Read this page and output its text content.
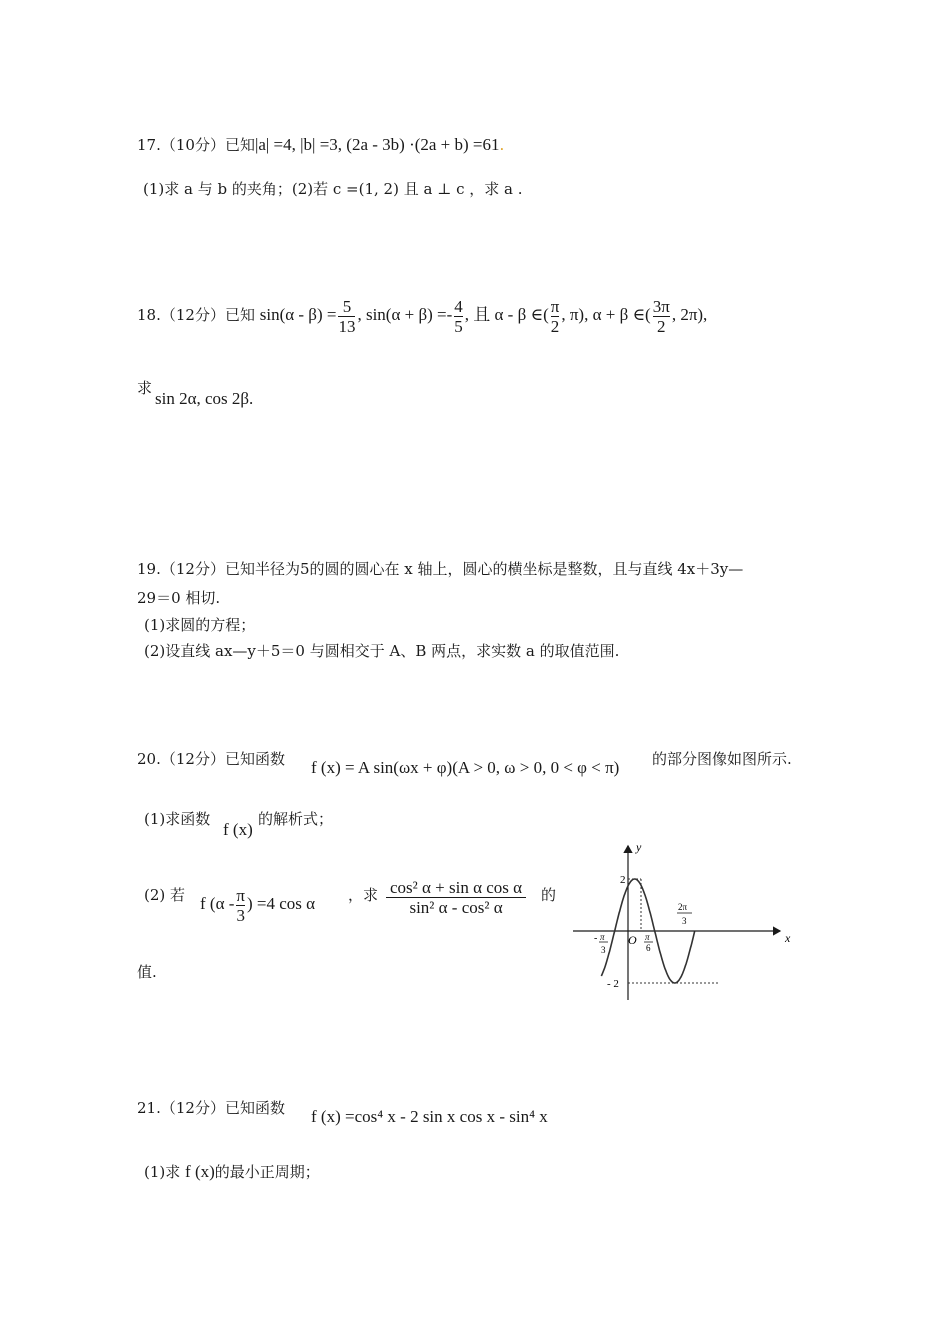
17.（10分）已知|a| =4, |b| =3, (2a - 3b) ·(2a + b) =61.
(1)求 a 与 b 的夹角；(2)若 c =(1, 2) 且 a ⊥ c ，求 a .
18.（12分）已知 $\sin(\alpha - \beta) = \frac{5}{13}$ , $\sin(\alpha + \beta) =- \frac{4}{5}$ , 且 α - β ∈( $\frac{\pi}{2}$ , π), α + β ∈( $\frac{3\pi}{2}$ , 2π),
求
sin 2α, cos 2β.
19.（12分）已知半径为5的圆的圆心在 x 轴上，圆心的横坐标是整数，且与直线 4x＋3y—
29＝0 相切.
(1)求圆的方程；
(2)设直线 ax—y＋5＝0 与圆相交于 A、B 两点，求实数 a 的取值范围.
20.（12分）已知函数 f (x) = A sin(ωx + φ)(A > 0, ω > 0, 0 < φ < π) 的部分图像如图所示.
(1)求函数
f (x)
的解析式；
(2) 若 f ($\alpha - \frac{\pi}{3}$ ) =4 cos α ，求 $\frac{\text{cos² α + sin α cos α}}{\text{sin² α - cos² α}}$ 的
值.
y
x
O
2
- 2
- π
3
π
6
2π
3
21.（12分）已知函数 f (x) =cos⁴ x - 2 sin x cos x - sin⁴ x
(1)求 f (x)的最小正周期；
